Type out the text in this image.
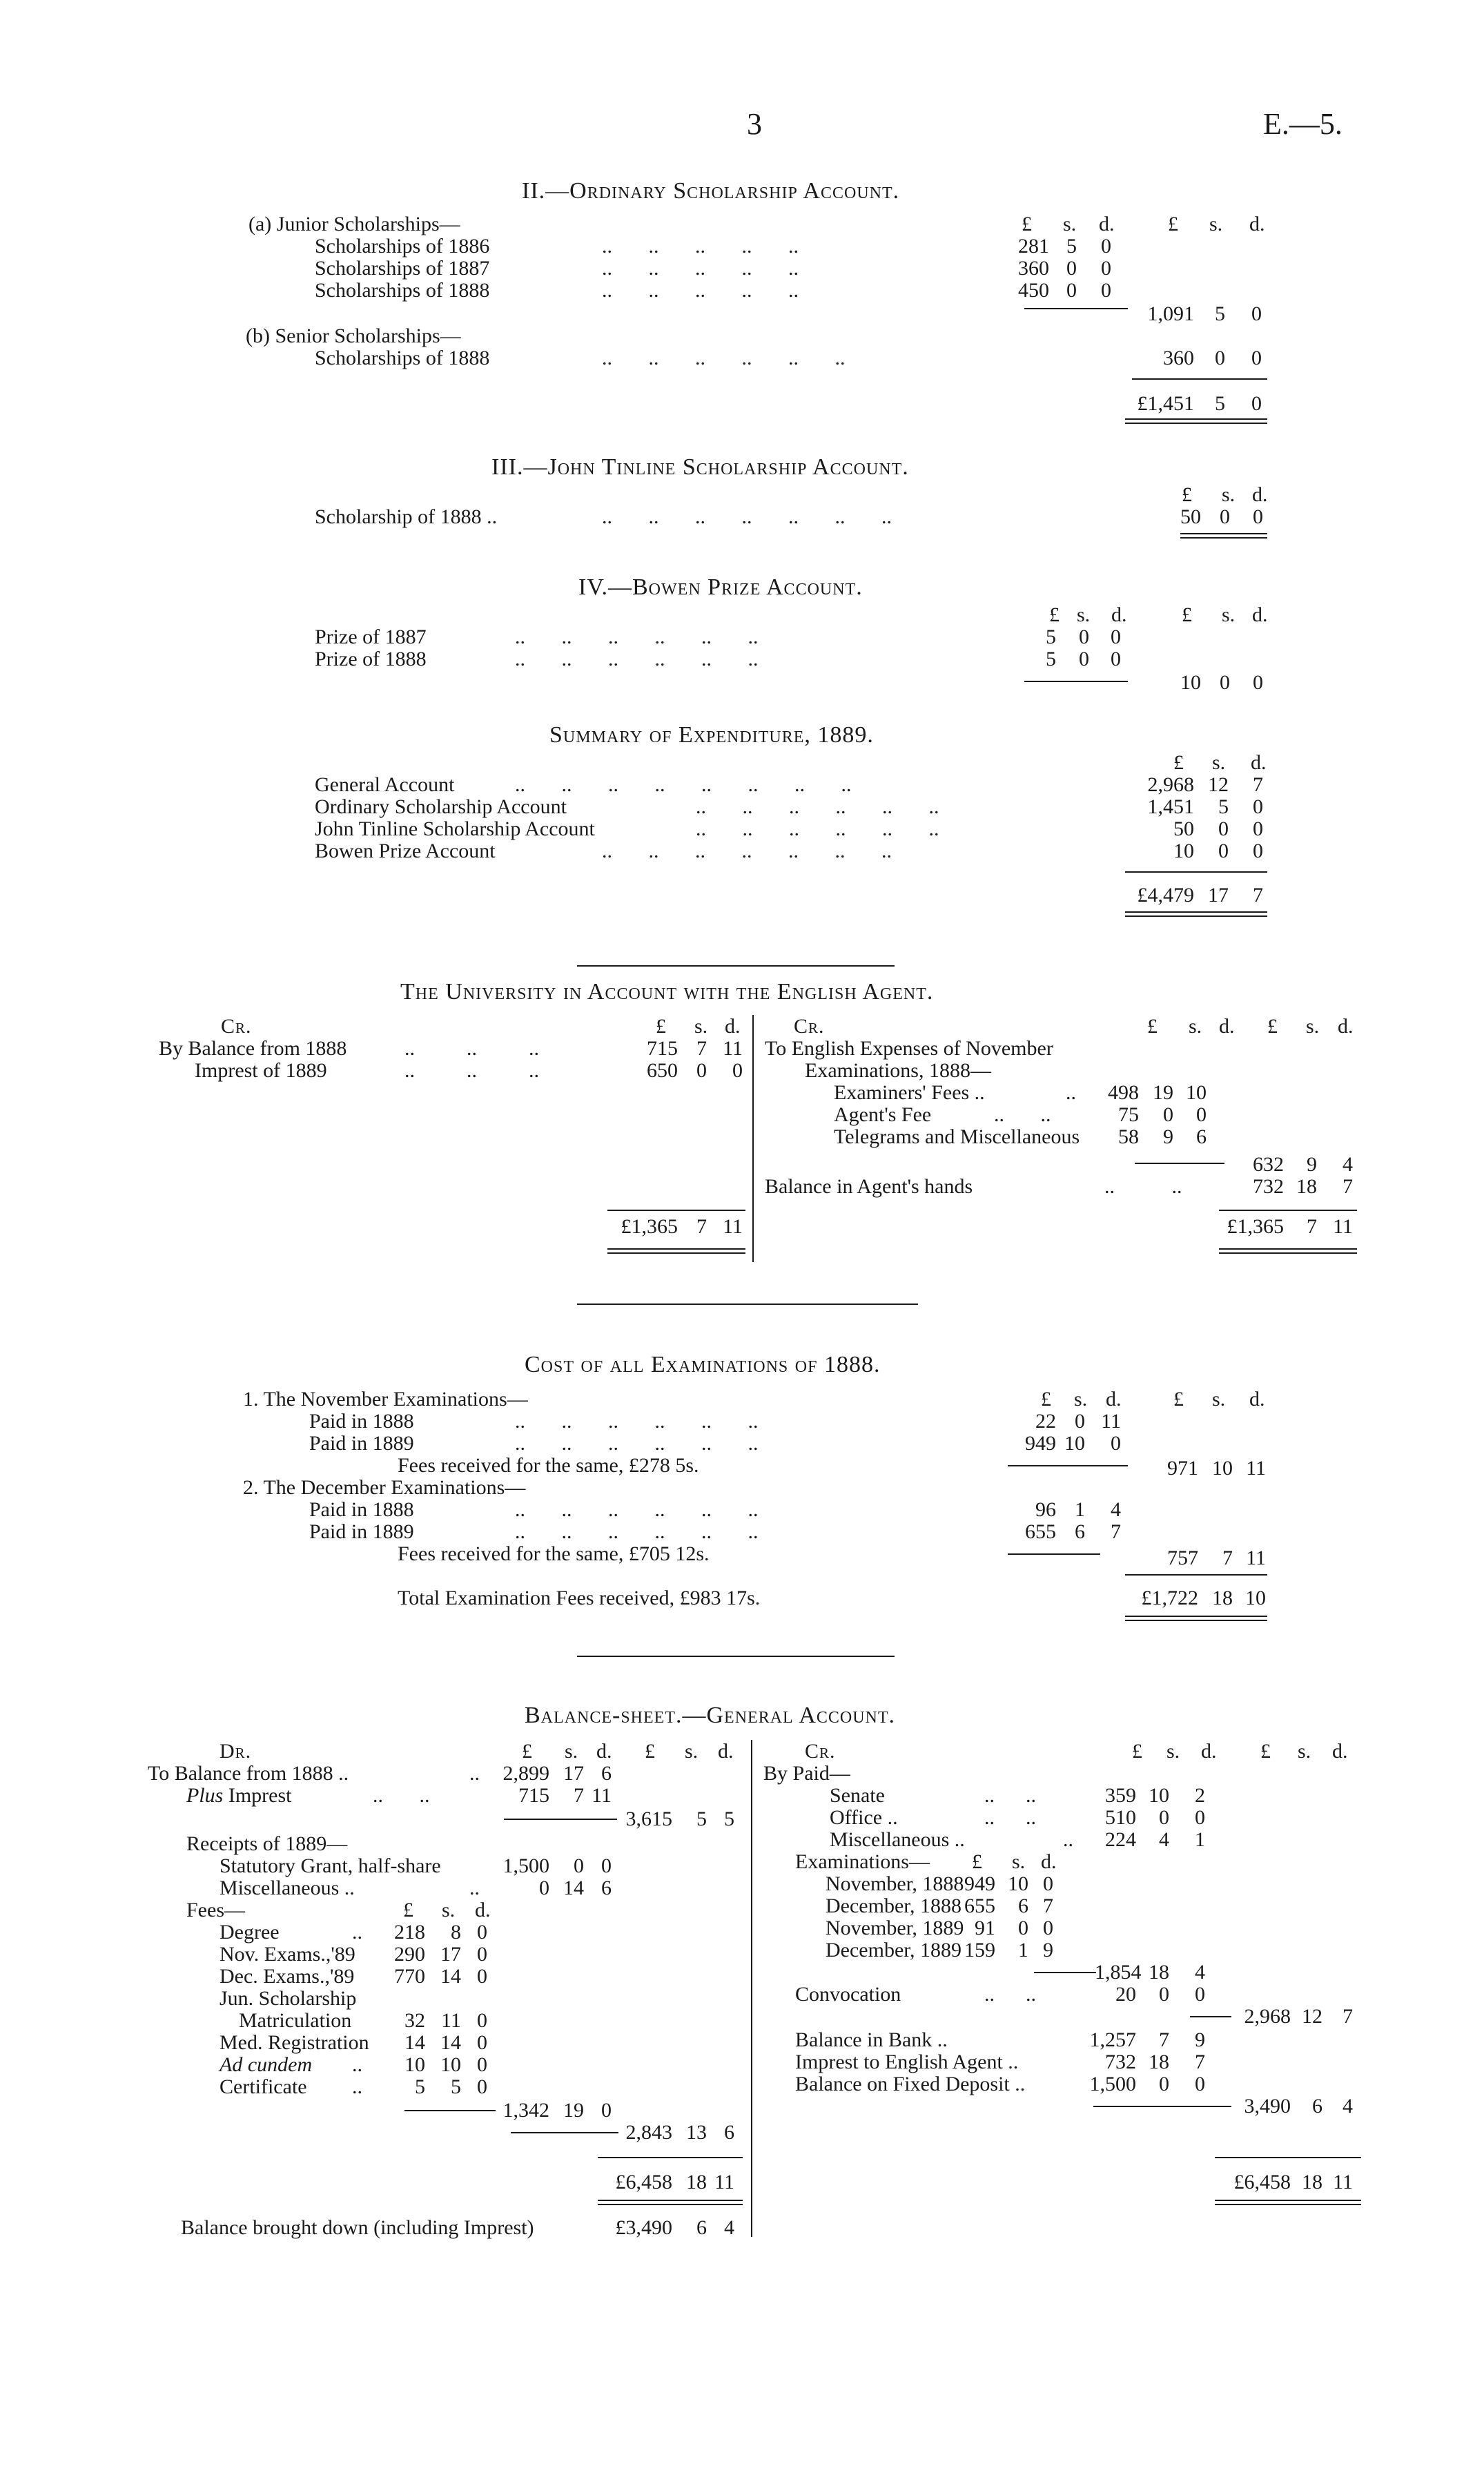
3	E.—5.
II.—Ordinary Scholarship Account.
£ s. d.	£ s. d.
(a) Junior Scholarships—
Scholarships of 1886	..       ..       ..       ..       ..	281 5	0
Scholarships of 1887	..       ..       ..       ..       ..	360 0	0
Scholarships of 1888	..       ..       ..       ..       ..	450 0	0
1,091	5	0
(b) Senior Scholarships—
Scholarships of 1888	..       ..       ..       ..       ..       ..	360	0	0
£1,451	5	0
III.—John Tinline Scholarship Account.
£ s. d.
Scholarship of 1888 ..	..       ..       ..       ..       ..       ..       ..	50 0	0
IV.—Bowen Prize Account.
£ s. d.	£ s. d.
Prize of 1887	..       ..       ..       ..       ..       ..	5	0	0
Prize of 1888	..       ..       ..       ..       ..       ..	5	0	0
10 0	0
Summary of Expenditure, 1889.
£ s. d.
General Account	..       ..       ..       ..       ..       ..       ..       ..	2,968 12	7
Ordinary Scholarship Account	..       ..       ..       ..       ..       ..	1,451	5	0
John Tinline Scholarship Account	..       ..       ..       ..       ..       ..	50	0	0
Bowen Prize Account	..       ..       ..       ..       ..       ..       ..	10	0	0
£4,479 17	7
The University in Account with the English Agent.
Cr.	£ s. d.
By Balance from 1888	..          ..          ..	715 7 11
Imprest of 1889	..          ..          ..	650 0	0
£1,365 7 11
Cr.	£ s. d. £ s. d.
To English Expenses of November
Examinations, 1888—
Examiners' Fees ..	..	498 19 10
Agent's Fee	..       ..	75	0	0
Telegrams and Miscellaneous	58	9	6
632	9	4
Balance in Agent's hands	..           ..	732 18	7
£1,365	7 11
Cost of all Examinations of 1888.
£ s. d.	£ s. d.
1. The November Examinations—
Paid in 1888	..       ..       ..       ..       ..       ..	22 0 11
Paid in 1889	..       ..       ..       ..       ..       ..	949 10	0
Fees received for the same, £278 5s.	971 10 11
2. The December Examinations—
Paid in 1888	..       ..       ..       ..       ..       ..	96 1	4
Paid in 1889	..       ..       ..       ..       ..       ..	655 6	7
Fees received for the same, £705 12s.	757	7 11
Total Examination Fees received, £983 17s.	£1,722 18 10
Balance-sheet.—General Account.
Dr.	£ s. d. £ s. d.
To Balance from 1888 ..	..	2,899 17 6
Plus Imprest	..       ..	715	7 11
3,615	5 5
Receipts of 1889—
Statutory Grant, half-share	1,500	0 0
Miscellaneous ..	..	0 14 6
Fees—	£ s. d.
Degree	..	218	8 0
Nov. Exams.,'89	290 17 0
Dec. Exams.,'89	770 14 0
Jun. Scholarship
Matriculation	32 11 0
Med. Registration	14 14 0
Ad cundem ..	10 10 0
Certificate ..	5	5 0
1,342 19 0
2,843 13 6
£6,458 18 11
Balance brought down (including Imprest)	£3,490	6 4
Cr.	£ s. d. £ s. d.
By Paid—
Senate	..      ..	359 10	2
Office ..	..      ..	510	0	0
Miscellaneous ..	..	224	4	1
Examinations— £ s. d.
November, 1888 949 10 0
December, 1888 655	6 7
November, 1889 91	0 0
December, 1889 159	1 9
1,854 18	4
Convocation	..      ..	20	0	0
2,968 12 7
Balance in Bank ..	1,257	7	9
Imprest to English Agent ..	732 18	7
Balance on Fixed Deposit ..	1,500	0	0
3,490	6 4
£6,458 18 11
